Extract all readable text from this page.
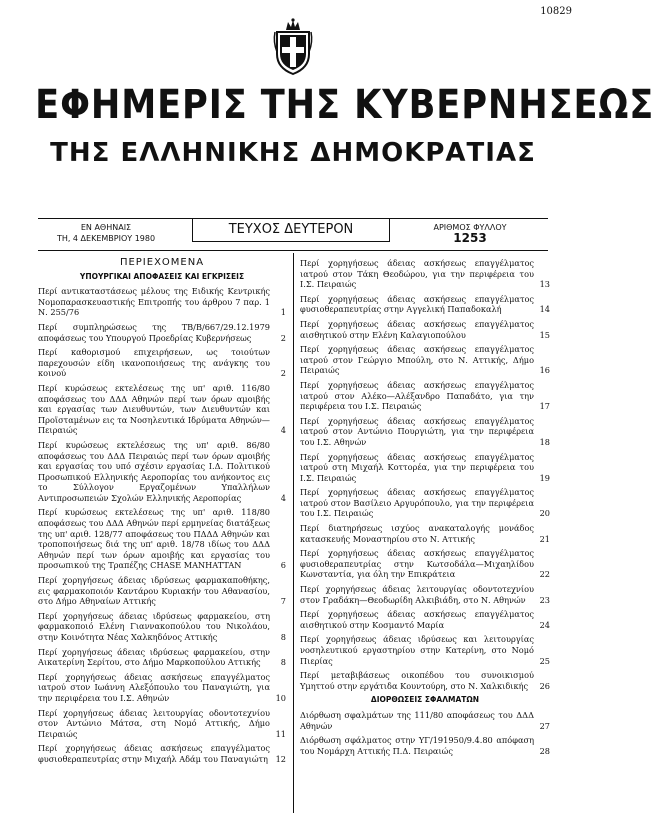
10829
ΕΦΗΜΕΡΙΣ ΤΗΣ ΚΥΒΕΡΝΗΣΕΩΣ
ΤΗΣ ΕΛΛΗΝΙΚΗΣ ΔΗΜΟΚΡΑΤΙΑΣ
ΕΝ ΑΘΗΝΑΙΣ
ΤΗ, 4 ΔΕΚΕΜΒΡΙΟΥ 1980
ΤΕΥΧΟΣ ΔΕΥΤΕΡΟΝ	ΑΡΙΘΜΟΣ ΦΥΛΛΟΥ
1253
ΠΕΡΙΕΧΟΜΕΝΑ
ΥΠΟΥΡΓΙΚΑΙ ΑΠΟΦΑΣΕΙΣ ΚΑΙ ΕΓΚΡΙΣΕΙΣ
Περί αντικαταστάσεως μέλους της Ειδικής Κεντρικής Νομοπαρασκευαστικής Επιτροπής του άρθρου 7 παρ. 1 Ν. 255/76	1
Περί συμπληρώσεως της ΤΒ/Β/667/29.12.1979 αποφάσεως του Υπουργού Προεδρίας Κυβερνήσεως	2
Περί καθορισμού επιχειρήσεων, ως τοιούτων παρεχουσών είδη ικανοποιήσεως της ανάγκης του κοινού	2
Περί κυρώσεως εκτελέσεως της υπ' αριθ. 116/80 αποφάσεως του ΔΔΔ Αθηνών περί των όρων αμοιβής και εργασίας των Διευθυντών, των Διευθυντών και Προϊσταμένων εις τα Νοσηλευτικά Ιδρύματα Αθηνών—Πειραιώς	4
Περί κυρώσεως εκτελέσεως της υπ' αριθ. 86/80 αποφάσεως του ΔΔΔ Πειραιώς περί των όρων αμοιβής και εργασίας του υπό σχέσιν εργασίας Ι.Δ. Πολιτικού Προσωπικού Ελληνικής Αεροπορίας του ανήκοντος εις το Σύλλογον Εργαζομένων Υπαλλήλων Αντιπροσωπειών Σχολών Ελληνικής Αεροπορίας	4
Περί κυρώσεως εκτελέσεως της υπ' αριθ. 118/80 αποφάσεως του ΔΔΔ Αθηνών περί ερμηνείας διατάξεως της υπ' αριθ. 128/77 αποφάσεως του ΠΔΔΔ Αθηνών και τροποποιήσεως διά της υπ' αριθ. 18/78 ιδίως του ΔΔΔ Αθηνών περί των όρων αμοιβής και εργασίας του προσωπικού της Τραπέζης CHASE MANHATTAN	6
Περί χορηγήσεως άδειας ιδρύσεως φαρμακαποθήκης, εις φαρμακοποιόν Καντάρου Κυριακήν του Αθανασίου, στο Δήμο Αθηναίων Αττικής	7
Περί χορηγήσεως άδειας ιδρύσεως φαρμακείου, στη φαρμακοποιό Ελένη Γιαννακοπούλου του Νικολάου, στην Κοινότητα Νέας Χαλκηδόνος Αττικής	8
Περί χορηγήσεως άδειας ιδρύσεως φαρμακείου, στην Αικατερίνη Σερίτου, στο Δήμο Μαρκοπούλου Αττικής	8
Περί χορηγήσεως άδειας ασκήσεως επαγγέλματος ιατρού στον Ιωάννη Αλεξόπουλο του Παναγιώτη, για την περιφέρεια του Ι.Σ. Αθηνών	10
Περί χορηγήσεως άδειας λειτουργίας οδοντοτεχνίου στον Αντώνιο Μάτσα, στη Νομό Αττικής, Δήμο Πειραιώς	11
Περί χορηγήσεως άδειας ασκήσεως επαγγέλματος φυσιοθεραπευτρίας στην Μιχαήλ Αδάμ του Παναγιώτη 12
Περί χορηγήσεως άδειας ασκήσεως επαγγέλματος ιατρού στον Τάκη Θεοδώρου, για την περιφέρεια του Ι.Σ. Πειραιώς	13
Περί χορηγήσεως άδειας ασκήσεως επαγγέλματος φυσιοθεραπευτρίας στην Αγγελική Παπαδοκαλή	14
Περί χορηγήσεως άδειας ασκήσεως επαγγέλματος αισθητικού στην Ελένη Καλαγιοπούλου	15
Περί χορηγήσεως άδειας ασκήσεως επαγγέλματος ιατρού στον Γεώργιο Μπούλη, στο Ν. Αττικής, Δήμο Πειραιώς	16
Περί χορηγήσεως άδειας ασκήσεως επαγγέλματος ιατρού στον Αλέκο—Αλέξανδρο Παπαδάτο, για την περιφέρεια του Ι.Σ. Πειραιώς	17
Περί χορηγήσεως άδειας ασκήσεως επαγγέλματος ιατρού στον Αντώνιο Πουργιώτη, για την περιφέρεια του Ι.Σ. Αθηνών	18
Περί χορηγήσεως άδειας ασκήσεως επαγγέλματος ιατρού στη Μιχαήλ Κοττορέα, για την περιφέρεια του Ι.Σ. Πειραιώς	19
Περί χορηγήσεως άδειας ασκήσεως επαγγέλματος ιατρού στον Βασίλειο Αργυρόπουλο, για την περιφέρεια του Ι.Σ. Πειραιώς	20
Περί διατηρήσεως ισχύος ανακαταλογής μονάδος κατασκευής Μοναστηρίου στο Ν. Αττικής	21
Περί χορηγήσεως άδειας ασκήσεως επαγγέλματος φυσιοθεραπευτρίας στην Κωτσοδάλα—Μιχαηλίδου Κωνσταντία, για όλη την Επικράτεια	22
Περί χορηγήσεως άδειας λειτουργίας οδοντοτεχνίου στον Γραδάκη—Θεοδωρίδη Αλκιβιάδη, στο Ν. Αθηνών	23
Περί χορηγήσεως άδειας ασκήσεως επαγγέλματος αισθητικού στην Κοσμαντό Μαρία	24
Περί χορηγήσεως άδειας ιδρύσεως και λειτουργίας νοσηλευτικού εργαστηρίου στην Κατερίνη, στο Νομό Πιερίας	25
Περί μεταβιβάσεως οικοπέδου του συνοικισμού Υμηττού στην εργάτιδα Κουντούρη, στο Ν. Χαλκιδικής	26
ΔΙΟΡΘΩΣΕΙΣ ΣΦΑΛΜΑΤΩΝ
Διόρθωση σφαλμάτων της 111/80 αποφάσεως του ΔΔΔ Αθηνών	27
Διόρθωση σφάλματος στην ΥΓ/191950/9.4.80 απόφαση του Νομάρχη Αττικής Π.Δ. Πειραιώς	28
